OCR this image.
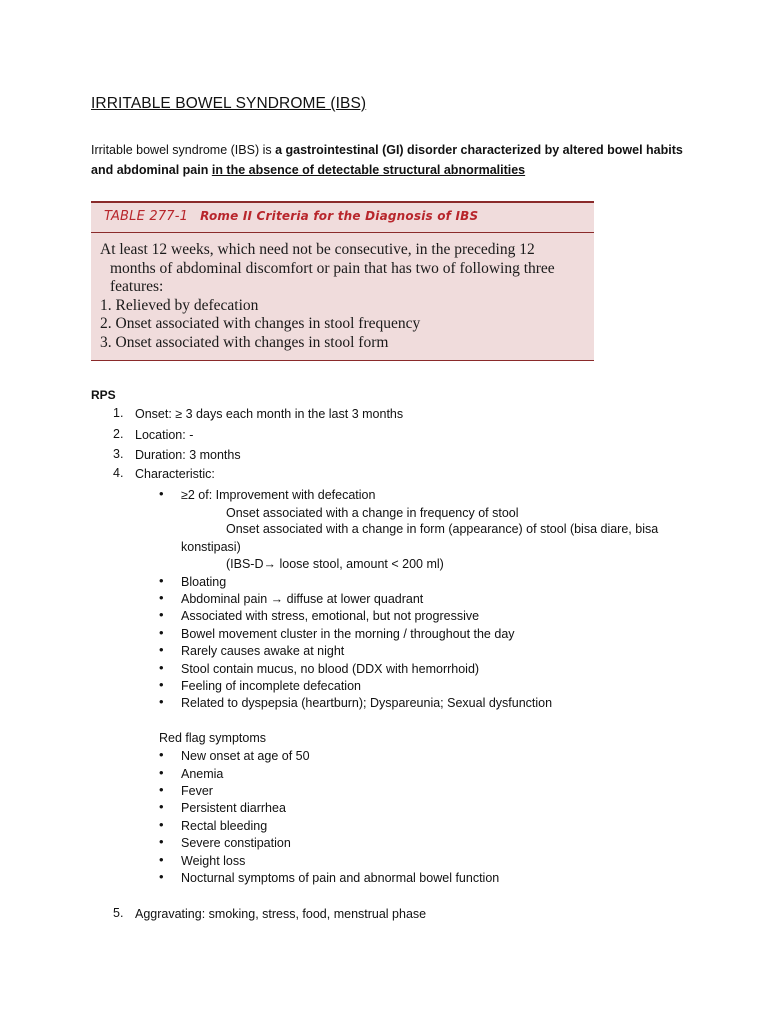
IRRITABLE BOWEL SYNDROME (IBS)
Irritable bowel syndrome (IBS) is a gastrointestinal (GI) disorder characterized by altered bowel habits
and abdominal pain in the absence of detectable structural abnormalities
TABLE 277-1 Rome II Criteria for the Diagnosis of IBS
At least 12 weeks, which need not be consecutive, in the preceding 12
months of abdominal discomfort or pain that has two of following three
features:
1. Relieved by defecation
2. Onset associated with changes in stool frequency
3. Onset associated with changes in stool form
RPS
1. Onset: ≥ 3 days each month in the last 3 months
2. Location: -
3. Duration: 3 months
4. Characteristic:
• ≥2 of: Improvement with defecation
Onset associated with a change in frequency of stool
Onset associated with a change in form (appearance) of stool (bisa diare, bisa
konstipasi)
(IBS-D→ loose stool, amount < 200 ml)
• Bloating
• Abdominal pain → diffuse at lower quadrant
• Associated with stress, emotional, but not progressive
• Bowel movement cluster in the morning / throughout the day
• Rarely causes awake at night
• Stool contain mucus, no blood (DDX with hemorrhoid)
• Feeling of incomplete defecation
• Related to dyspepsia (heartburn); Dyspareunia; Sexual dysfunction
Red flag symptoms
• New onset at age of 50
• Anemia
• Fever
• Persistent diarrhea
• Rectal bleeding
• Severe constipation
• Weight loss
• Nocturnal symptoms of pain and abnormal bowel function
5. Aggravating: smoking, stress, food, menstrual phase
